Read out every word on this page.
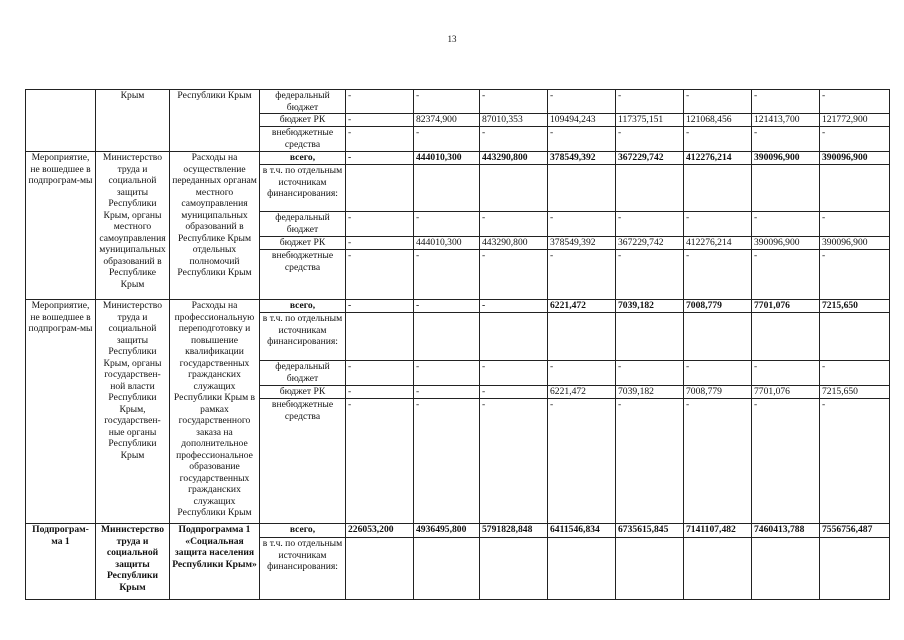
13
	Крым	Республики Крым	федеральный бюджет	-	-	-	-	-	-	-	-
			бюджет РК	-	82374,900	87010,353	109494,243	117375,151	121068,456	121413,700	121772,900
			внебюджетные средства	-	-	-	-	-	-	-	-
Мероприятие, не вошедшее в подпрограм-мы	Министерство труда и социальной защиты Республики Крым, органы местного самоуправления муниципальных образований в Республике Крым	Расходы на осуществление переданных органам местного самоуправления муниципальных образований в Республике Крым отдельных полномочий Республики Крым	всего,	-	444010,300	443290,800	378549,392	367229,742	412276,214	390096,900	390096,900
			в т.ч. по отдельным источникам финансирования:								
			федеральный бюджет	-	-	-	-	-	-	-	-
			бюджет РК	-	444010,300	443290,800	378549,392	367229,742	412276,214	390096,900	390096,900
			внебюджетные средства	-	-	-	-	-	-	-	-
Мероприятие, не вошедшее в подпрограм-мы	Министерство труда и социальной защиты Республики Крым, органы государствен-ной власти Республики Крым, государствен-ные органы Республики Крым	Расходы на профессиональную переподготовку и повышение квалификации государственных гражданских служащих Республики Крым в рамках государственного заказа на дополнительное профессиональное образование государственных гражданских служащих Республики Крым	всего,	-	-	-	6221,472	7039,182	7008,779	7701,076	7215,650
			в т.ч. по отдельным источникам финансирования:								
			федеральный бюджет	-	-	-	-	-	-	-	-
			бюджет РК	-	-	-	6221,472	7039,182	7008,779	7701,076	7215,650
			внебюджетные средства	-	-	-	-	-	-	-	-
Подпрограм-ма 1	Министерство труда и социальной защиты Республики Крым	Подпрограмма 1 «Социальная защита населения Республики Крым»	всего,	226053,200	4936495,800	5791828,848	6411546,834	6735615,845	7141107,482	7460413,788	7556756,487
			в т.ч. по отдельным источникам финансирования:								
